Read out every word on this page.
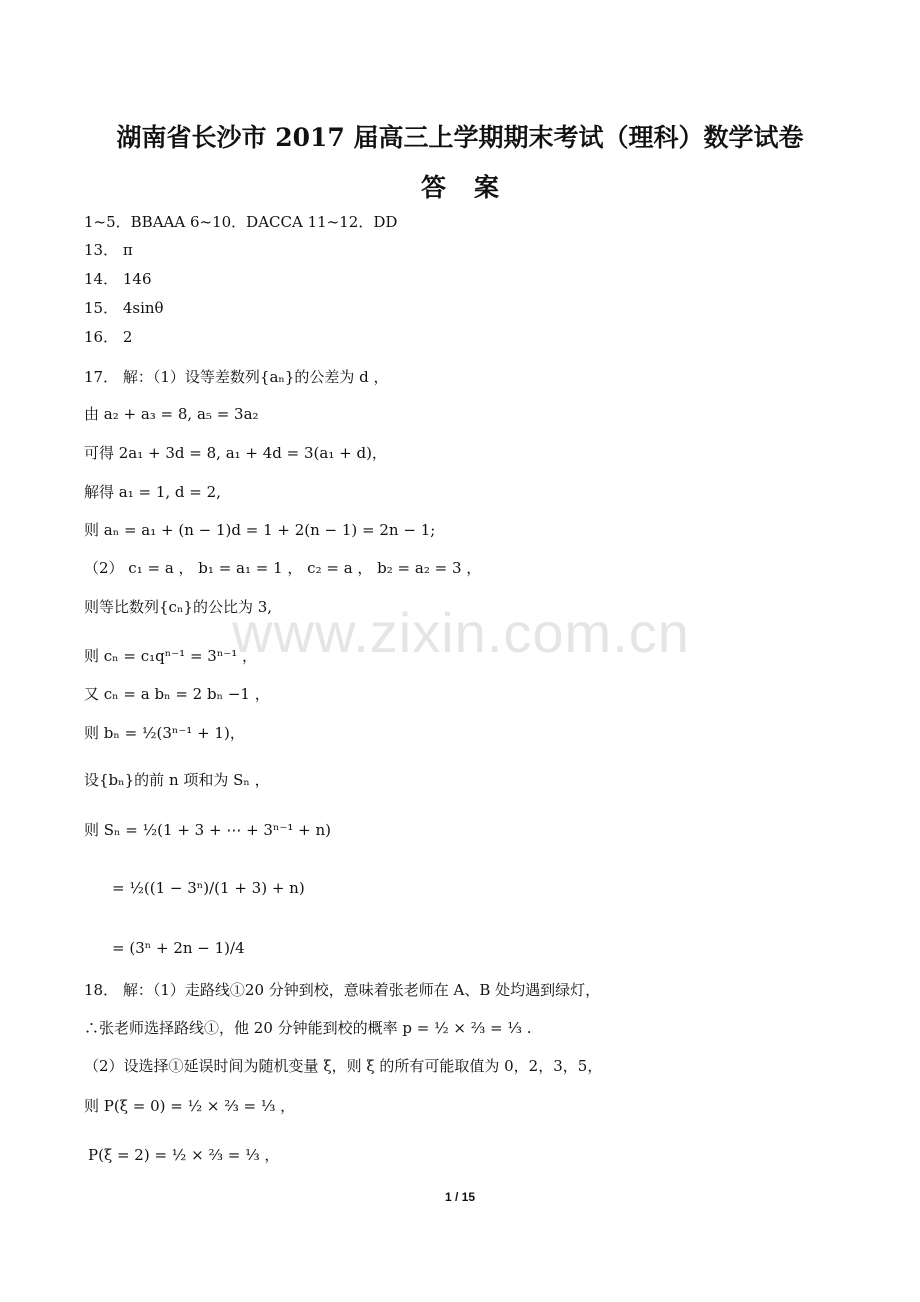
湖南省长沙市 2017 届高三上学期期末考试（理科）数学试卷
答案
1~5．BBAAA 6~10．DACCA 11~12．DD
13． π
14． 146
15． 4sinθ
16． 2
17． 解：（1）设等差数列{aₙ}的公差为 d ，
由 a₂ + a₃ = 8, a₅ = 3a₂
可得 2a₁ + 3d = 8, a₁ + 4d = 3(a₁ + d)，
解得 a₁ = 1, d = 2,
则 aₙ = a₁ + (n − 1)d = 1 + 2(n − 1) = 2n − 1;
（2） c₁ = a ， b₁ = a₁ = 1 ， c₂ = a ， b₂ = a₂ = 3 ，
则等比数列{cₙ}的公比为 3,
则 cₙ = c₁qⁿ⁻¹ = 3ⁿ⁻¹ ，
又 cₙ = a bₙ = 2 bₙ −1 ，
则 bₙ = ½(3ⁿ⁻¹ + 1)，
设{bₙ}的前 n 项和为 Sₙ ，
则 Sₙ = ½(1 + 3 + ⋯ + 3ⁿ⁻¹ + n)
= ½((1 − 3ⁿ)/(1 + 3) + n)
= (3ⁿ + 2n − 1)/4
18． 解：（1）走路线①20 分钟到校，意味着张老师在 A、B 处均遇到绿灯，
∴张老师选择路线①，他 20 分钟能到校的概率 p = ½ × ⅔ = ⅓ .
（2）设选择①延误时间为随机变量 ξ，则 ξ 的所有可能取值为 0，2，3，5，
则 P(ξ = 0) = ½ × ⅔ = ⅓ ，
P(ξ = 2) = ½ × ⅔ = ⅓ ，
www.zixin.com.cn
1 / 15
